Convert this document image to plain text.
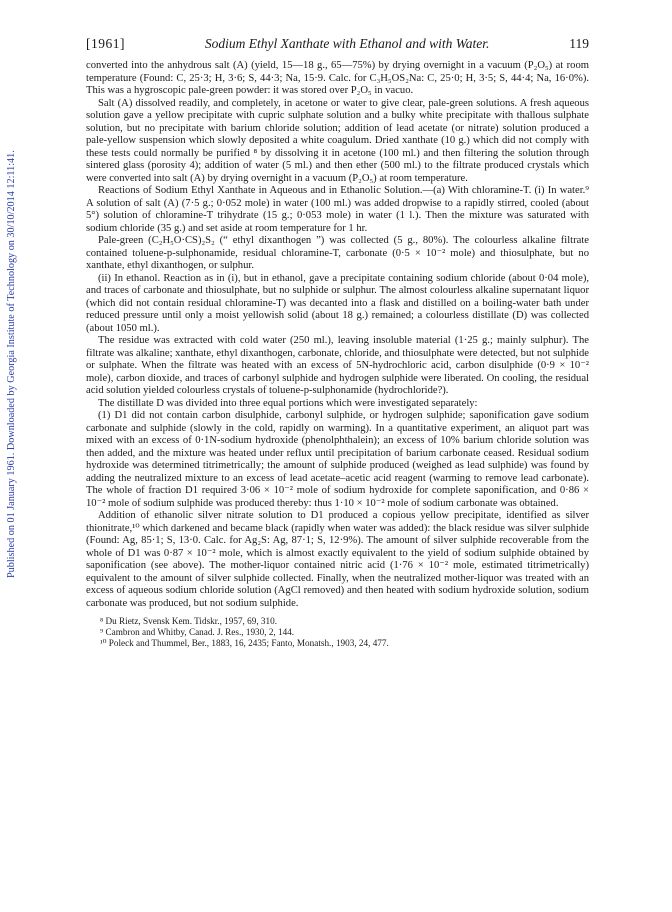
Published on 01 January 1961. Downloaded by Georgia Institute of Technology on 30/10/2014 12:11:41.
[1961]	Sodium Ethyl Xanthate with Ethanol and with Water.	119

converted into the anhydrous salt (A) (yield, 15—18 g., 65—75%) by drying overnight in a vacuum (P₂O₅) at room temperature (Found: C, 25·3; H, 3·6; S, 44·3; Na, 15·9. Calc. for C₃H₅OS₂Na: C, 25·0; H, 3·5; S, 44·4; Na, 16·0%). This was a hygroscopic pale-green powder: it was stored over P₂O₅ in vacuo.

Salt (A) dissolved readily, and completely, in acetone or water to give clear, pale-green solutions. A fresh aqueous solution gave a yellow precipitate with cupric sulphate solution and a bulky white precipitate with thallous sulphate solution, but no precipitate with barium chloride solution; addition of lead acetate (or nitrate) solution produced a pale-yellow suspension which slowly deposited a white coagulum. Dried xanthate (10 g.) which did not comply with these tests could normally be purified ⁸ by dissolving it in acetone (100 ml.) and then filtering the solution through sintered glass (porosity 4); addition of water (5 ml.) and then ether (500 ml.) to the filtrate produced crystals which were converted into salt (A) by drying overnight in a vacuum (P₂O₅) at room temperature.

Reactions of Sodium Ethyl Xanthate in Aqueous and in Ethanolic Solution.—(a) With chloramine-T. (i) In water.⁹ A solution of salt (A) (7·5 g.; 0·052 mole) in water (100 ml.) was added dropwise to a rapidly stirred, cooled (about 5°) solution of chloramine-T trihydrate (15 g.; 0·053 mole) in water (1 l.). Then the mixture was saturated with sodium chloride (35 g.) and set aside at room temperature for 1 hr.

Pale-green (C₂H₅O·CS)₂S₂ (“ ethyl dixanthogen ”) was collected (5 g., 80%). The colourless alkaline filtrate contained toluene-p-sulphonamide, residual chloramine-T, carbonate (0·5 × 10⁻² mole) and thiosulphate, but no xanthate, ethyl dixanthogen, or sulphur.

(ii) In ethanol. Reaction as in (i), but in ethanol, gave a precipitate containing sodium chloride (about 0·04 mole), and traces of carbonate and thiosulphate, but no sulphide or sulphur. The almost colourless alkaline supernatant liquor (which did not contain residual chloramine-T) was decanted into a flask and distilled on a boiling-water bath under reduced pressure until only a moist yellowish solid (about 18 g.) remained; a colourless distillate (D) was collected (about 1050 ml.).

The residue was extracted with cold water (250 ml.), leaving insoluble material (1·25 g.; mainly sulphur). The filtrate was alkaline; xanthate, ethyl dixanthogen, carbonate, chloride, and thiosulphate were detected, but not sulphide or sulphate. When the filtrate was heated with an excess of 5N-hydrochloric acid, carbon disulphide (0·9 × 10⁻² mole), carbon dioxide, and traces of carbonyl sulphide and hydrogen sulphide were liberated. On cooling, the residual acid solution yielded colourless crystals of toluene-p-sulphonamide (hydrochloride?).

The distillate D was divided into three equal portions which were investigated separately:

(1) D1 did not contain carbon disulphide, carbonyl sulphide, or hydrogen sulphide; saponification gave sodium carbonate and sulphide (slowly in the cold, rapidly on warming). In a quantitative experiment, an aliquot part was mixed with an excess of 0·1N-sodium hydroxide (phenolphthalein); an excess of 10% barium chloride solution was then added, and the mixture was heated under reflux until precipitation of barium carbonate ceased. Residual sodium hydroxide was determined titrimetrically; the amount of sulphide produced (weighed as lead sulphide) was found by adding the neutralized mixture to an excess of lead acetate–acetic acid reagent (warming to remove lead carbonate). The whole of fraction D1 required 3·06 × 10⁻² mole of sodium hydroxide for complete saponification, and 0·86 × 10⁻² mole of sodium sulphide was produced thereby: thus 1·10 × 10⁻² mole of sodium carbonate was obtained.

Addition of ethanolic silver nitrate solution to D1 produced a copious yellow precipitate, identified as silver thionitrate,¹⁰ which darkened and became black (rapidly when water was added): the black residue was silver sulphide (Found: Ag, 85·1; S, 13·0. Calc. for Ag₂S: Ag, 87·1; S, 12·9%). The amount of silver sulphide recoverable from the whole of D1 was 0·87 × 10⁻² mole, which is almost exactly equivalent to the yield of sodium sulphide obtained by saponification (see above). The mother-liquor contained nitric acid (1·76 × 10⁻² mole, estimated titrimetrically) equivalent to the amount of silver sulphide collected. Finally, when the neutralized mother-liquor was treated with an excess of aqueous sodium chloride solution (AgCl removed) and then heated with sodium hydroxide solution, sodium carbonate was produced, but not sodium sulphide.

⁸ Du Rietz, Svensk Kem. Tidskr., 1957, 69, 310.

⁹ Cambron and Whitby, Canad. J. Res., 1930, 2, 144.

¹⁰ Poleck and Thummel, Ber., 1883, 16, 2435; Fanto, Monatsh., 1903, 24, 477.
